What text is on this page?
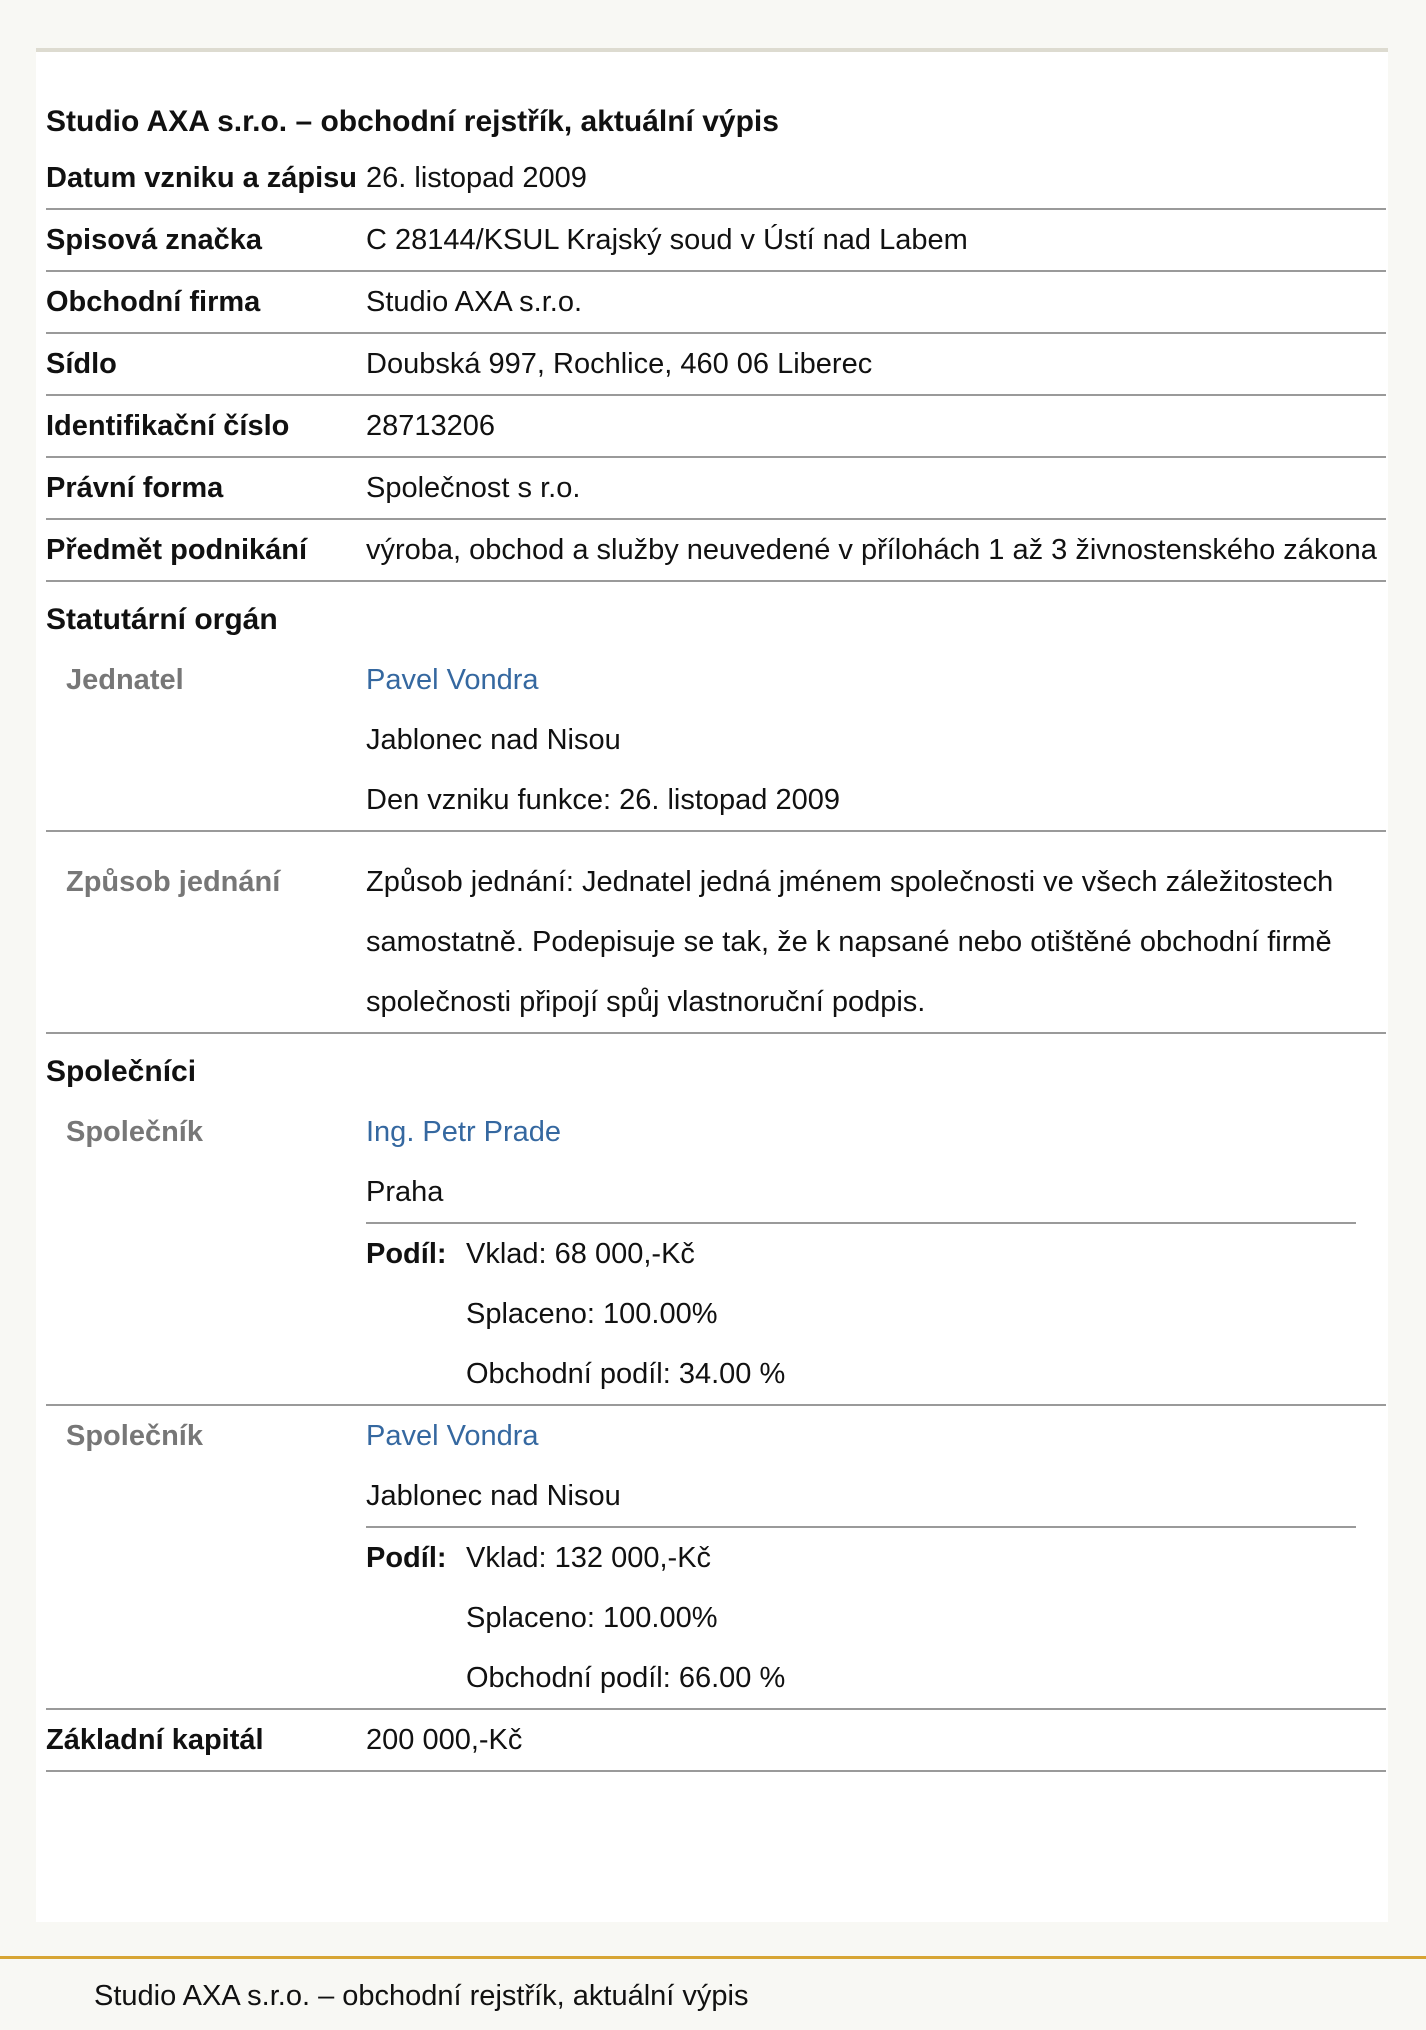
Studio AXA s.r.o. – obchodní rejstřík, aktuální výpis
Datum vzniku a zápisu 26. listopad 2009
Spisová značka	C 28144/KSUL Krajský soud v Ústí nad Labem
Obchodní firma	Studio AXA s.r.o.
Sídlo	Doubská 997, Rochlice, 460 06 Liberec
Identifikační číslo	28713206
Právní forma	Společnost s r.o.
Předmět podnikání	výroba, obchod a služby neuvedené v přílohách 1 až 3 živnostenského zákona
Statutární orgán
Jednatel	Pavel Vondra
Jablonec nad Nisou
Den vzniku funkce: 26. listopad 2009
Způsob jednání	Způsob jednání: Jednatel jedná jménem společnosti ve všech záležitostech samostatně. Podepisuje se tak, že k napsané nebo otištěné obchodní firmě společnosti připojí spůj vlastnoruční podpis.
Společníci
Společník	Ing. Petr Prade
Praha
Podíl: Vklad: 68 000,-Kč
Splaceno: 100.00%
Obchodní podíl: 34.00 %
Společník	Pavel Vondra
Jablonec nad Nisou
Podíl: Vklad: 132 000,-Kč
Splaceno: 100.00%
Obchodní podíl: 66.00 %
Základní kapitál	200 000,-Kč
Studio AXA s.r.o. – obchodní rejstřík, aktuální výpis
